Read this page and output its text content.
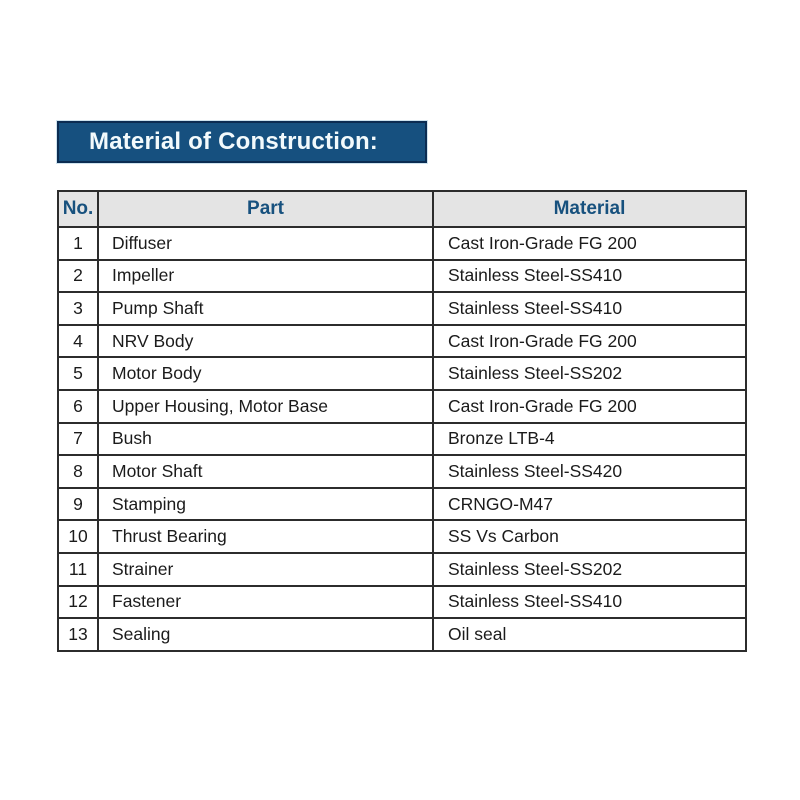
Material of Construction:
No.	Part	Material
1	Diffuser	Cast Iron-Grade FG 200
2	Impeller	Stainless Steel-SS410
3	Pump Shaft	Stainless Steel-SS410
4	NRV Body	Cast Iron-Grade FG 200
5	Motor Body	Stainless Steel-SS202
6	Upper Housing, Motor Base	Cast Iron-Grade FG 200
7	Bush	Bronze LTB-4
8	Motor Shaft	Stainless Steel-SS420
9	Stamping	CRNGO-M47
10	Thrust Bearing	SS Vs Carbon
11	Strainer	Stainless Steel-SS202
12	Fastener	Stainless Steel-SS410
13	Sealing	Oil seal
